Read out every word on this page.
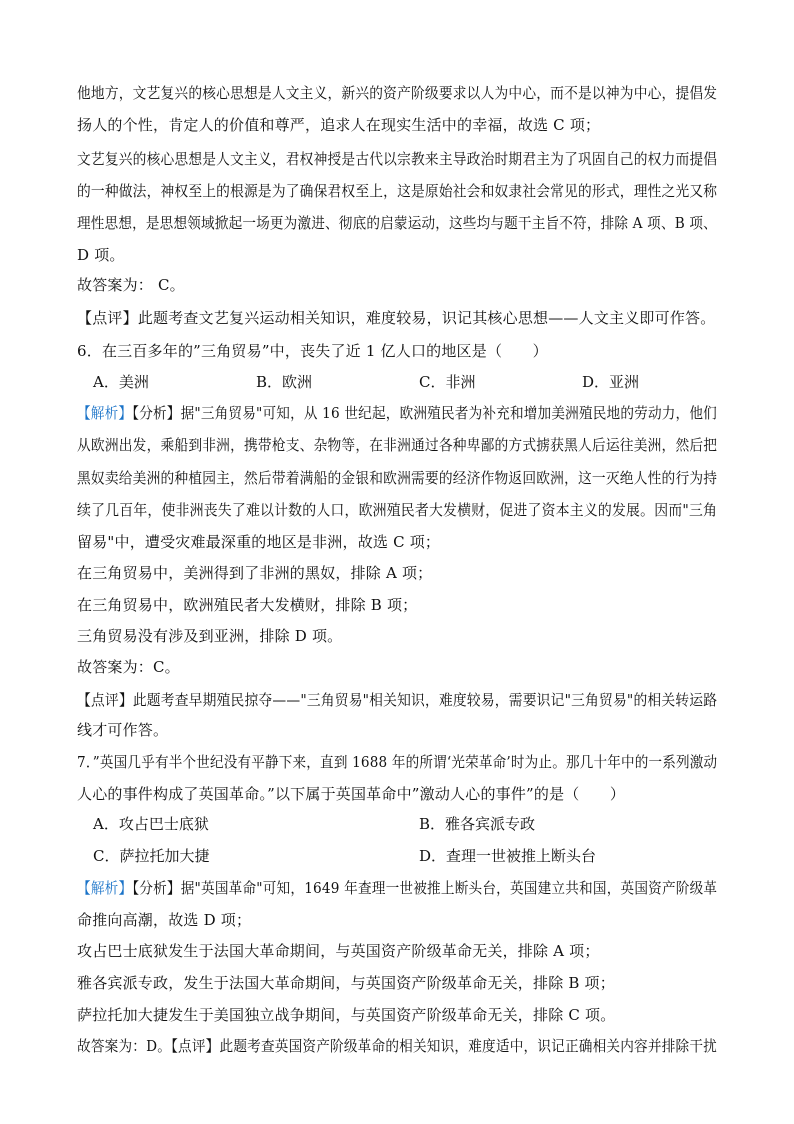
他地方，文艺复兴的核心思想是人文主义，新兴的资产阶级要求以人为中心，而不是以神为中心，提倡发
扬人的个性，肯定人的价值和尊严，追求人在现实生活中的幸福，故选 C 项；
文艺复兴的核心思想是人文主义，君权神授是古代以宗教来主导政治时期君主为了巩固自己的权力而提倡
的一种做法，神权至上的根源是为了确保君权至上，这是原始社会和奴隶社会常见的形式，理性之光又称
理性思想，是思想领域掀起一场更为激进、彻底的启蒙运动，这些均与题干主旨不符，排除 A 项、B 项、
D 项。
故答案为： C。
【点评】此题考查文艺复兴运动相关知识，难度较易，识记其核心思想——人文主义即可作答。
6．在三百多年的”三角贸易”中，丧失了近 1 亿人口的地区是（　　）
A．美洲	B．欧洲	C．非洲	D．亚洲
【解析】【分析】据"三角贸易"可知，从 16 世纪起，欧洲殖民者为补充和增加美洲殖民地的劳动力，他们
从欧洲出发，乘船到非洲，携带枪支、杂物等，在非洲通过各种卑鄙的方式掳获黑人后运往美洲，然后把
黑奴卖给美洲的种植园主，然后带着满船的金银和欧洲需要的经济作物返回欧洲，这一灭绝人性的行为持
续了几百年，使非洲丧失了难以计数的人口，欧洲殖民者大发横财，促进了资本主义的发展。因而"三角
留易"中，遭受灾难最深重的地区是非洲，故选 C 项；
在三角贸易中，美洲得到了非洲的黑奴，排除 A 项；
在三角贸易中，欧洲殖民者大发横财，排除 B 项；
三角贸易没有涉及到亚洲，排除 D 项。
故答案为：C。
【点评】此题考查早期殖民掠夺——"三角贸易"相关知识，难度较易，需要识记"三角贸易"的相关转运路
线才可作答。
7．”英国几乎有半个世纪没有平静下来，直到 1688 年的所谓‘光荣革命’时为止。那几十年中的一系列激动
人心的事件构成了英国革命。”以下属于英国革命中”激动人心的事件”的是（　　）
A．攻占巴士底狱	B．雅各宾派专政
C．萨拉托加大捷	D．查理一世被推上断头台
【解析】【分析】据"英国革命"可知，1649 年查理一世被推上断头台，英国建立共和国，英国资产阶级革
命推向高潮，故选 D 项；
攻占巴士底狱发生于法国大革命期间，与英国资产阶级革命无关，排除 A 项；
雅各宾派专政，发生于法国大革命期间，与英国资产阶级革命无关，排除 B 项；
萨拉托加大捷发生于美国独立战争期间，与英国资产阶级革命无关，排除 C 项。
故答案为：D。【点评】此题考查英国资产阶级革命的相关知识，难度适中，识记正确相关内容并排除干扰
